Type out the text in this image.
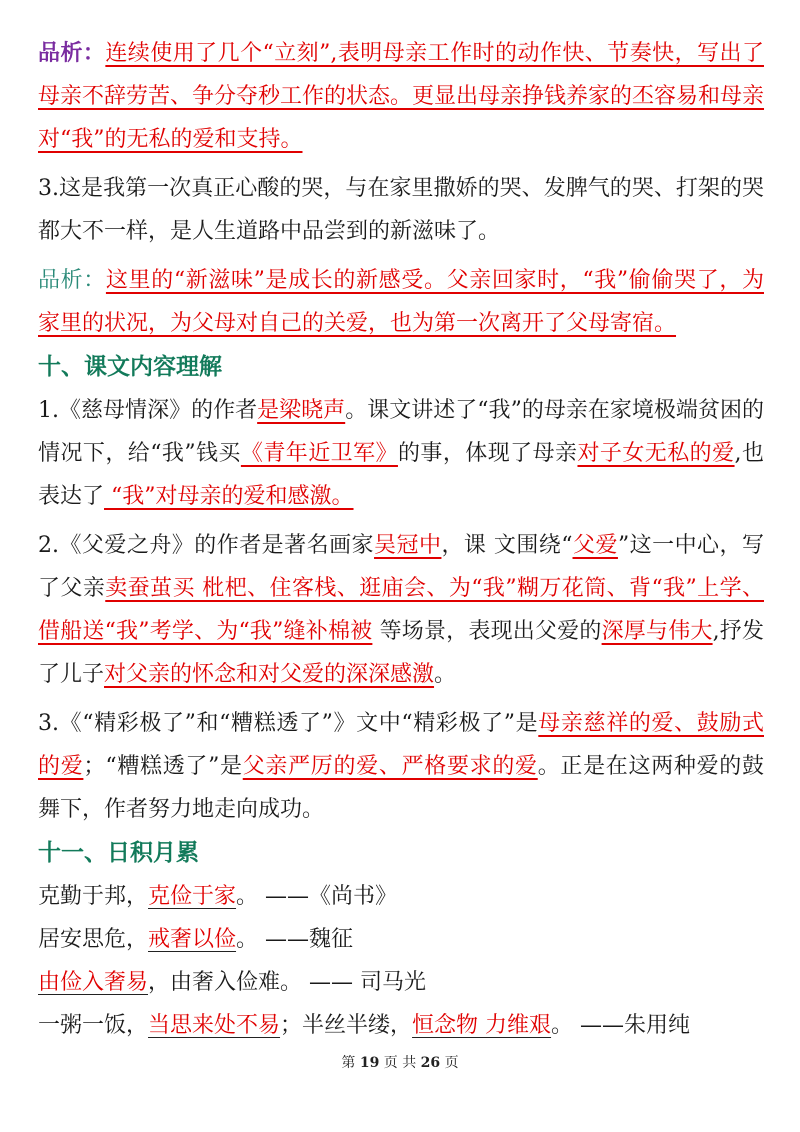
品析：连续使用了几个“立刻”,表明母亲工作时的动作快、节奏快，写出了母亲不辞劳苦、争分夺秒工作的状态。更显出母亲挣钱养家的丕容易和母亲对“我”的无私的爱和支持。

3.这是我第一次真正心酸的哭，与在家里撒娇的哭、发脾气的哭、打架的哭都大不一样，是人生道路中品尝到的新滋味了。

品析：这里的“新滋味”是成长的新感受。父亲回家时，“我”偷偷哭了，为家里的状况，为父母对自己的关爱，也为第一次离开了父母寄宿。

十、课文内容理解

1.《慈母情深》的作者是梁晓声。课文讲述了“我”的母亲在家境极端贫困的情况下，给“我”钱买《青年近卫军》的事，体现了母亲对子女无私的爱,也表达了 “我”对母亲的爱和感激。

2.《父爱之舟》的作者是著名画家吴冠中，课 文围绕“父爱”这一中心，写了父亲卖蚕茧买 枇杷、住客栈、逛庙会、为“我”糊万花筒、背“我”上学、借船送“我”考学、为“我”缝补棉被 等场景，表现出父爱的深厚与伟大,抒发了儿子对父亲的怀念和对父爱的深深感激。

3.《“精彩极了”和“糟糕透了”》文中“精彩极了”是母亲慈祥的爱、鼓励式的爱；“糟糕透了”是父亲严厉的爱、严格要求的爱。正是在这两种爱的鼓舞下，作者努力地走向成功。

十一、日积月累

克勤于邦，克俭于家。 ——《尚书》

居安思危，戒奢以俭。 ——魏征

由俭入奢易，由奢入俭难。 —— 司马光

一粥一饭，当思来处不易；半丝半缕，恒念物 力维艰。 ——朱用纯

第 19 页 共 26 页
